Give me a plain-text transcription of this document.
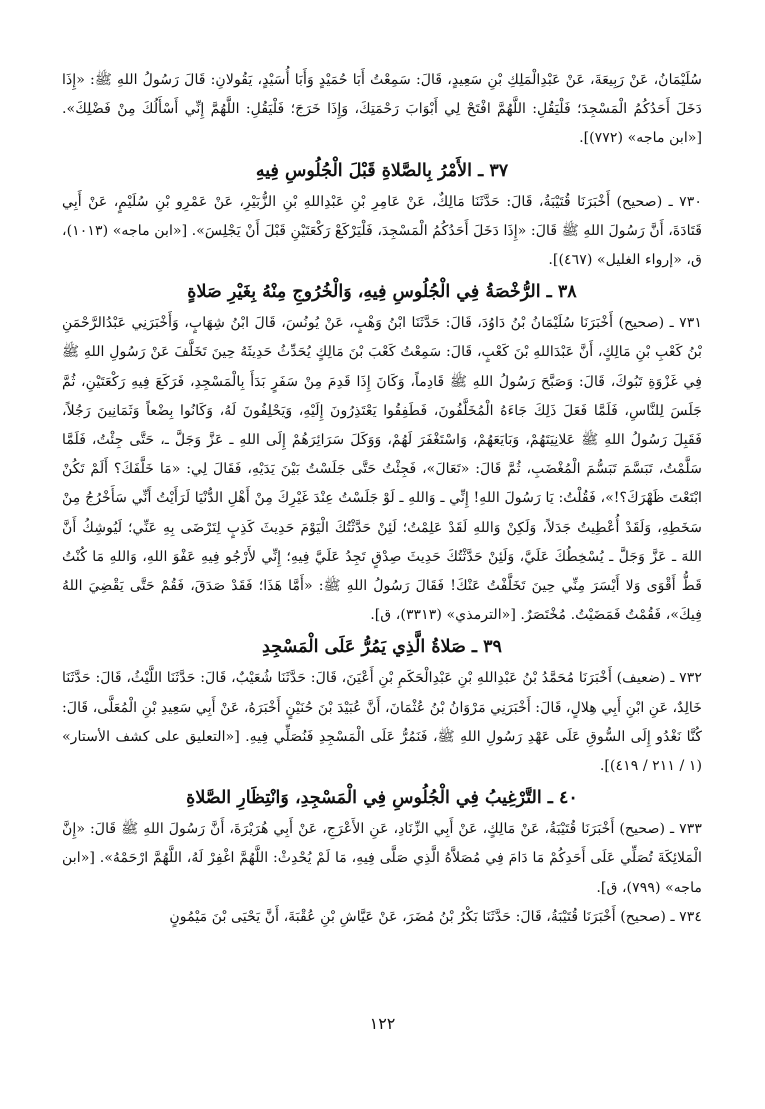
سُلَيْمَانُ، عَنْ رَبِيعَةَ، عَنْ عَبْدِالْمَلِكِ بْنِ سَعِيدٍ، قَالَ: سَمِعْتُ أَبَا حُمَيْدٍ وَأَبَا أُسَيْدٍ، يَقُولانِ: قَالَ رَسُولُ اللهِ ﷺ: «إِذَا دَخَلَ أَحَدُكُمُ الْمَسْجِدَ؛ فَلْيَقُلِ: اللَّهُمَّ افْتَحْ لِي أَبْوَابَ رَحْمَتِكَ، وَإِذَا خَرَجَ؛ فَلْيَقُلِ: اللَّهُمَّ إِنِّي أَسْأَلُكَ مِنْ فَضْلِكَ». [«ابن ماجه» (٧٧٢)].

٣٧ ـ الأَمْرُ بِالصَّلاةِ قَبْلَ الْجُلُوسِ فِيهِ

٧٣٠ ـ (صحيح) أَخْبَرَنَا قُتَيْبَةُ، قَالَ: حَدَّثَنَا مَالِكٌ، عَنْ عَامِرِ بْنِ عَبْدِاللهِ بْنِ الزُّبَيْرِ، عَنْ عَمْرِو بْنِ سُلَيْمٍ، عَنْ أَبِي قَتَادَةَ، أَنَّ رَسُولَ اللهِ ﷺ قَالَ: «إِذَا دَخَلَ أَحَدُكُمُ الْمَسْجِدَ، فَلْيَرْكَعْ رَكْعَتَيْنِ قَبْلَ أَنْ يَجْلِسَ». [«ابن ماجه» (١٠١٣)، ق، «إرواء الغليل» (٤٦٧)].

٣٨ ـ الرُّخْصَةُ فِي الْجُلُوسِ فِيهِ، وَالْخُرُوجِ مِنْهُ بِغَيْرِ صَلاةٍ

٧٣١ ـ (صحيح) أَخْبَرَنَا سُلَيْمَانُ بْنُ دَاوُدَ، قَالَ: حَدَّثَنَا ابْنُ وَهْبٍ، عَنْ يُونُسَ، قَالَ ابْنُ شِهَابٍ، وَأَخْبَرَنِي عَبْدُالرَّحْمَنِ بْنُ كَعْبِ بْنِ مَالِكٍ، أَنَّ عَبْدَاللهِ بْنَ كَعْبٍ، قَالَ: سَمِعْتُ كَعْبَ بْنَ مَالِكٍ يُحَدِّثُ حَدِيثَهُ حِينَ تَخَلَّفَ عَنْ رَسُولِ اللهِ ﷺ فِي غَزْوَةِ تَبُوكَ، قَالَ: وَصَبَّحَ رَسُولُ اللهِ ﷺ قَادِماً، وَكَانَ إِذَا قَدِمَ مِنْ سَفَرٍ بَدَأَ بِالْمَسْجِدِ، فَرَكَعَ فِيهِ رَكْعَتَيْنِ، ثُمَّ جَلَسَ لِلنَّاسِ، فَلَمَّا فَعَلَ ذَلِكَ جَاءَهُ الْمُخَلَّفُونَ، فَطَفِقُوا يَعْتَذِرُونَ إِلَيْهِ، وَيَحْلِفُونَ لَهُ، وَكَانُوا بِضْعاً وَثَمَانِينَ رَجُلاً، فَقَبِلَ رَسُولُ اللهِ ﷺ عَلانِيَتَهُمْ، وَبَايَعَهُمْ، وَاسْتَغْفَرَ لَهُمْ، وَوَكَلَ سَرَائِرَهُمْ إِلَى اللهِ ـ عَزَّ وَجَلَّ ـ، حَتَّى جِئْتُ، فَلَمَّا سَلَّمْتُ، تَبَسَّمَ تَبَسُّمَ الْمُغْضَبِ، ثُمَّ قَالَ: «تَعَالَ»، فَجِئْتُ حَتَّى جَلَسْتُ بَيْنَ يَدَيْهِ، فَقَالَ لِي: «مَا خَلَّفَكَ؟ أَلَمْ تَكُنْ ابْتَعْتَ ظَهْرَكَ؟!»، فَقُلْتُ: يَا رَسُولَ اللهِ! إِنِّي ـ وَاللهِ ـ لَوْ جَلَسْتُ عِنْدَ غَيْرِكَ مِنْ أَهْلِ الدُّنْيَا لَرَأَيْتُ أَنِّي سَأَخْرُجُ مِنْ سَخَطِهِ، وَلَقَدْ أُعْطِيتُ جَدَلاً، وَلَكِنْ وَاللهِ لَقَدْ عَلِمْتُ؛ لَئِنْ حَدَّثْتُكَ الْيَوْمَ حَدِيثَ كَذِبٍ لِتَرْضَى بِهِ عَنِّي؛ لَيُوشِكُ أَنَّ اللهَ ـ عَزَّ وَجَلَّ ـ يُسْخِطُكَ عَلَيَّ، وَلَئِنْ حَدَّثْتُكَ حَدِيثَ صِدْقٍ تَجِدُ عَلَيَّ فِيهِ؛ إِنِّي لأَرْجُو فِيهِ عَفْوَ اللهِ، وَاللهِ مَا كُنْتُ قَطُّ أَقْوَى وَلا أَيْسَرَ مِنِّي حِينَ تَخَلَّفْتُ عَنْكَ! فَقَالَ رَسُولُ اللهِ ﷺ: «أَمَّا هَذَا؛ فَقَدْ صَدَقَ، فَقُمْ حَتَّى يَقْضِيَ اللهُ فِيكَ»، فَقُمْتُ فَمَضَيْتُ. مُخْتَصَرٌ. [«الترمذي» (٣٣١٣)، ق].

٣٩ ـ صَلاةُ الَّذِي يَمُرُّ عَلَى الْمَسْجِدِ

٧٣٢ ـ (ضعيف) أَخْبَرَنَا مُحَمَّدُ بْنُ عَبْدِاللهِ بْنِ عَبْدِالْحَكَمِ بْنِ أَعْيَنَ، قَالَ: حَدَّثَنَا شُعَيْبٌ، قَالَ: حَدَّثَنَا اللَّيْثُ، قَالَ: حَدَّثَنَا خَالِدٌ، عَنِ ابْنِ أَبِي هِلالٍ، قَالَ: أَخْبَرَنِي مَرْوَانُ بْنُ عُثْمَانَ، أَنَّ عُبَيْدَ بْنَ حُنَيْنٍ أَخْبَرَهُ، عَنْ أَبِي سَعِيدِ بْنِ الْمُعَلَّى، قَالَ: كُنَّا نَغْدُو إِلَى السُّوقِ عَلَى عَهْدِ رَسُولِ اللهِ ﷺ، فَنَمُرُّ عَلَى الْمَسْجِدِ فَنُصَلِّي فِيهِ. [«التعليق على كشف الأستار» (١ / ٢١١ / ٤١٩)].

٤٠ ـ التَّرْغِيبُ فِي الْجُلُوسِ فِي الْمَسْجِدِ، وَانْتِظَارِ الصَّلاةِ

٧٣٣ ـ (صحيح) أَخْبَرَنَا قُتَيْبَةُ، عَنْ مَالِكٍ، عَنْ أَبِي الزِّنَادِ، عَنِ الأَعْرَجِ، عَنْ أَبِي هُرَيْرَةَ، أَنَّ رَسُولَ اللهِ ﷺ قَالَ: «إِنَّ الْمَلائِكَةَ تُصَلِّي عَلَى أَحَدِكُمْ مَا دَامَ فِي مُصَلاَّهُ الَّذِي صَلَّى فِيهِ، مَا لَمْ يُحْدِثْ: اللَّهُمَّ اغْفِرْ لَهُ، اللَّهُمَّ ارْحَمْهُ». [«ابن ماجه» (٧٩٩)، ق].

٧٣٤ ـ (صحيح) أَخْبَرَنَا قُتَيْبَةُ، قَالَ: حَدَّثَنَا بَكْرُ بْنُ مُضَرَ، عَنْ عَيَّاشِ بْنِ عُقْبَةَ، أَنَّ يَحْيَى بْنَ مَيْمُونٍ

١٢٢
